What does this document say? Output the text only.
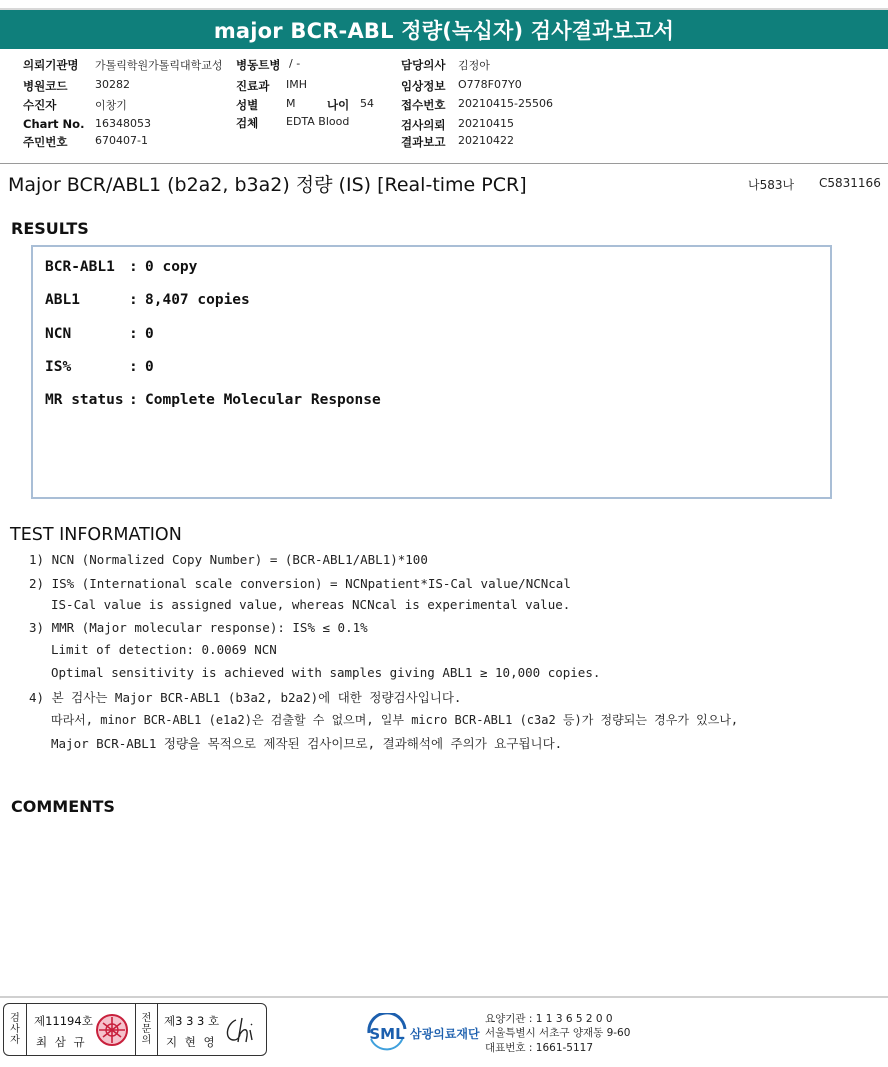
major BCR-ABL 정량(녹십자) 검사결과보고서
의뢰기관명 가톨릭학원가톨릭대학교성
병원코드	30282
수진자	이창기
Chart No. 16348053
주민번호	670407-1
병동트병 / -
진료과 IMH
성별	M	나이 54
검체	EDTA Blood
담당의사 김정아
임상정보 O778F07Y0
접수번호 20210415-25506
검사의뢰 20210415
결과보고 20210422
Major BCR/ABL1 (b2a2, b3a2) 정량 (IS) [Real-time PCR]	나583나 C5831166
RESULTS
BCR-ABL1 : 0 copy
ABL1	: 8,407 copies
NCN	: 0
IS%	: 0
MR status : Complete Molecular Response
TEST INFORMATION
1) NCN (Normalized Copy Number) = (BCR-ABL1/ABL1)*100
2) IS% (International scale conversion) = NCNpatient*IS-Cal value/NCNcal
IS-Cal value is assigned value, whereas NCNcal is experimental value.
3) MMR (Major molecular response): IS% ≤ 0.1%
Limit of detection: 0.0069 NCN
Optimal sensitivity is achieved with samples giving ABL1 ≥ 10,000 copies.
4) 본 검사는 Major BCR-ABL1 (b3a2, b2a2)에 대한 정량검사입니다.
따라서, minor BCR-ABL1 (e1a2)은 검출할 수 없으며, 일부 micro BCR-ABL1 (c3a2 등)가 정량되는 경우가 있으나,
Major BCR-ABL1 정량을 목적으로 제작된 검사이므로, 결과해석에 주의가 요구됩니다.
COMMENTS
검
사
자
제11194호
최 삼 규
전
문
의
제3 3 3 호
지 현 영	SML 삼광의료재단
요양기관 : 1 1 3 6 5 2 0 0
서울특별시 서초구 양재동 9-60
대표번호 : 1661-5117
